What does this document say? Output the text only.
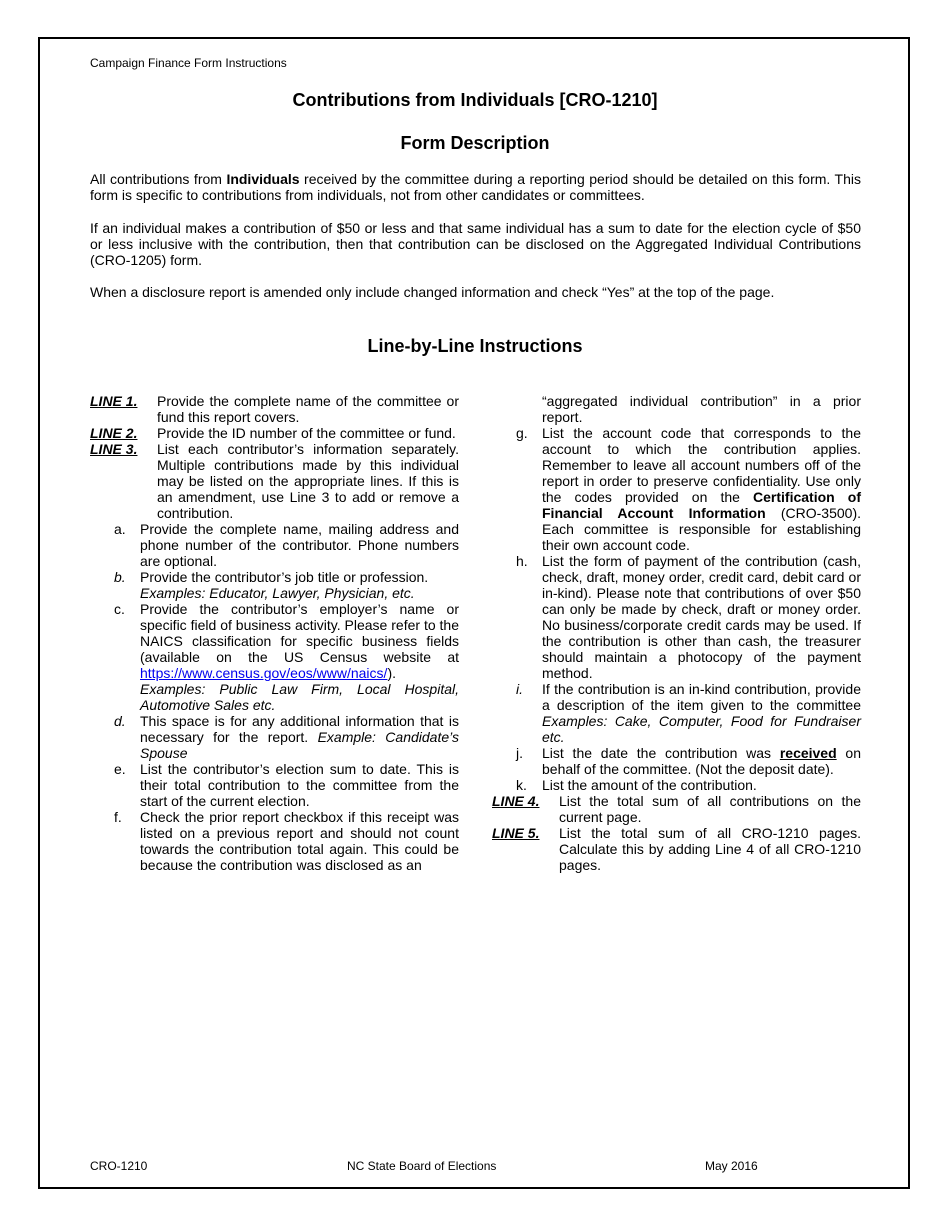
Campaign Finance Form Instructions
Contributions from Individuals [CRO-1210]
Form Description
All contributions from Individuals received by the committee during a reporting period should be detailed on this form. This form is specific to contributions from individuals, not from other candidates or committees.
If an individual makes a contribution of $50 or less and that same individual has a sum to date for the election cycle of $50 or less inclusive with the contribution, then that contribution can be disclosed on the Aggregated Individual Contributions (CRO-1205) form.
When a disclosure report is amended only include changed information and check “Yes” at the top of the page.
Line-by-Line Instructions
LINE 1.	Provide the complete name of the committee or fund this report covers.
LINE 2.	Provide the ID number of the committee or fund.
LINE 3.	List each contributor’s information separately. Multiple contributions made by this individual may be listed on the appropriate lines. If this is an amendment, use Line 3 to add or remove a contribution.
a.	Provide the complete name, mailing address and phone number of the contributor. Phone numbers are optional.
b.	Provide the contributor’s job title or profession.
Examples: Educator, Lawyer, Physician, etc.
c.	Provide the contributor’s employer’s name or specific field of business activity. Please refer to the NAICS classification for specific business fields (available on the US Census website at https://www.census.gov/eos/www/naics/).
Examples: Public Law Firm, Local Hospital, Automotive Sales etc.
d.	This space is for any additional information that is necessary for the report. Example: Candidate’s Spouse
e.	List the contributor’s election sum to date. This is their total contribution to the committee from the start of the current election.
f.	Check the prior report checkbox if this receipt was listed on a previous report and should not count towards the contribution total again. This could be because the contribution was disclosed as an
“aggregated individual contribution” in a prior report.
g.	List the account code that corresponds to the account to which the contribution applies. Remember to leave all account numbers off of the report in order to preserve confidentiality. Use only the codes provided on the Certification of Financial Account Information (CRO-3500). Each committee is responsible for establishing their own account code.
h.	List the form of payment of the contribution (cash, check, draft, money order, credit card, debit card or in-kind). Please note that contributions of over $50 can only be made by check, draft or money order. No business/corporate credit cards may be used. If the contribution is other than cash, the treasurer should maintain a photocopy of the payment method.
i.	If the contribution is an in-kind contribution, provide a description of the item given to the committee Examples: Cake, Computer, Food for Fundraiser etc.
j.	List the date the contribution was received on behalf of the committee. (Not the deposit date).
k.	List the amount of the contribution.
LINE 4.	List the total sum of all contributions on the current page.
LINE 5.	List the total sum of all CRO-1210 pages. Calculate this by adding Line 4 of all CRO-1210 pages.
CRO-1210	NC State Board of Elections	May 2016
